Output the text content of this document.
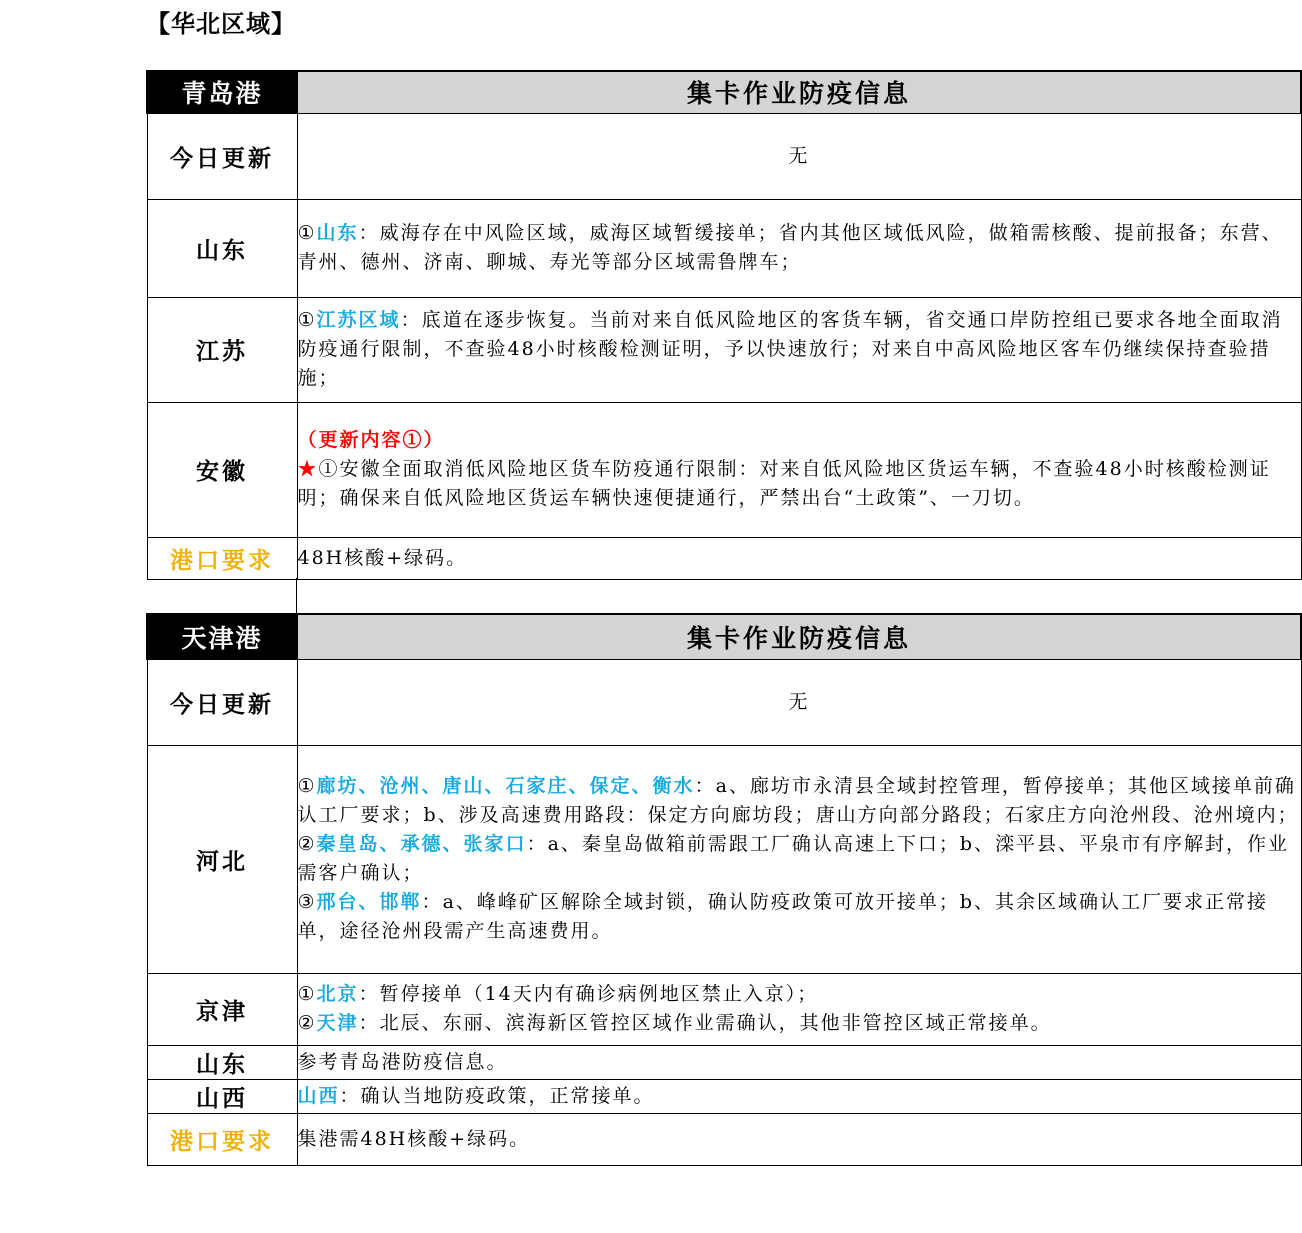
【华北区域】
青岛港	集卡作业防疫信息
今日更新	无
山东	①山东：威海存在中风险区域，威海区域暂缓接单；省内其他区域低风险，做箱需核酸、提前报备；东营、青州、德州、济南、聊城、寿光等部分区域需鲁牌车；
江苏	①江苏区域：底道在逐步恢复。当前对来自低风险地区的客货车辆，省交通口岸防控组已要求各地全面取消防疫通行限制，不查验48小时核酸检测证明，予以快速放行；对来自中高风险地区客车仍继续保持查验措施；
安徽	（更新内容①）
★①安徽全面取消低风险地区货车防疫通行限制：对来自低风险地区货运车辆，不查验48小时核酸检测证明；确保来自低风险地区货运车辆快速便捷通行，严禁出台“土政策”、一刀切。
港口要求	48H核酸+绿码。
天津港	集卡作业防疫信息
今日更新	无
河北	①廊坊、沧州、唐山、石家庄、保定、衡水：a、廊坊市永清县全域封控管理，暂停接单；其他区域接单前确认工厂要求；b、涉及高速费用路段：保定方向廊坊段；唐山方向部分路段；石家庄方向沧州段、沧州境内；
②秦皇岛、承德、张家口：a、秦皇岛做箱前需跟工厂确认高速上下口；b、滦平县、平泉市有序解封，作业需客户确认；
③邢台、邯郸：a、峰峰矿区解除全域封锁，确认防疫政策可放开接单；b、其余区域确认工厂要求正常接单，途径沧州段需产生高速费用。
京津	①北京：暂停接单（14天内有确诊病例地区禁止入京）；
②天津：北辰、东丽、滨海新区管控区域作业需确认，其他非管控区域正常接单。
山东	参考青岛港防疫信息。
山西	山西：确认当地防疫政策，正常接单。
港口要求	集港需48H核酸+绿码。
